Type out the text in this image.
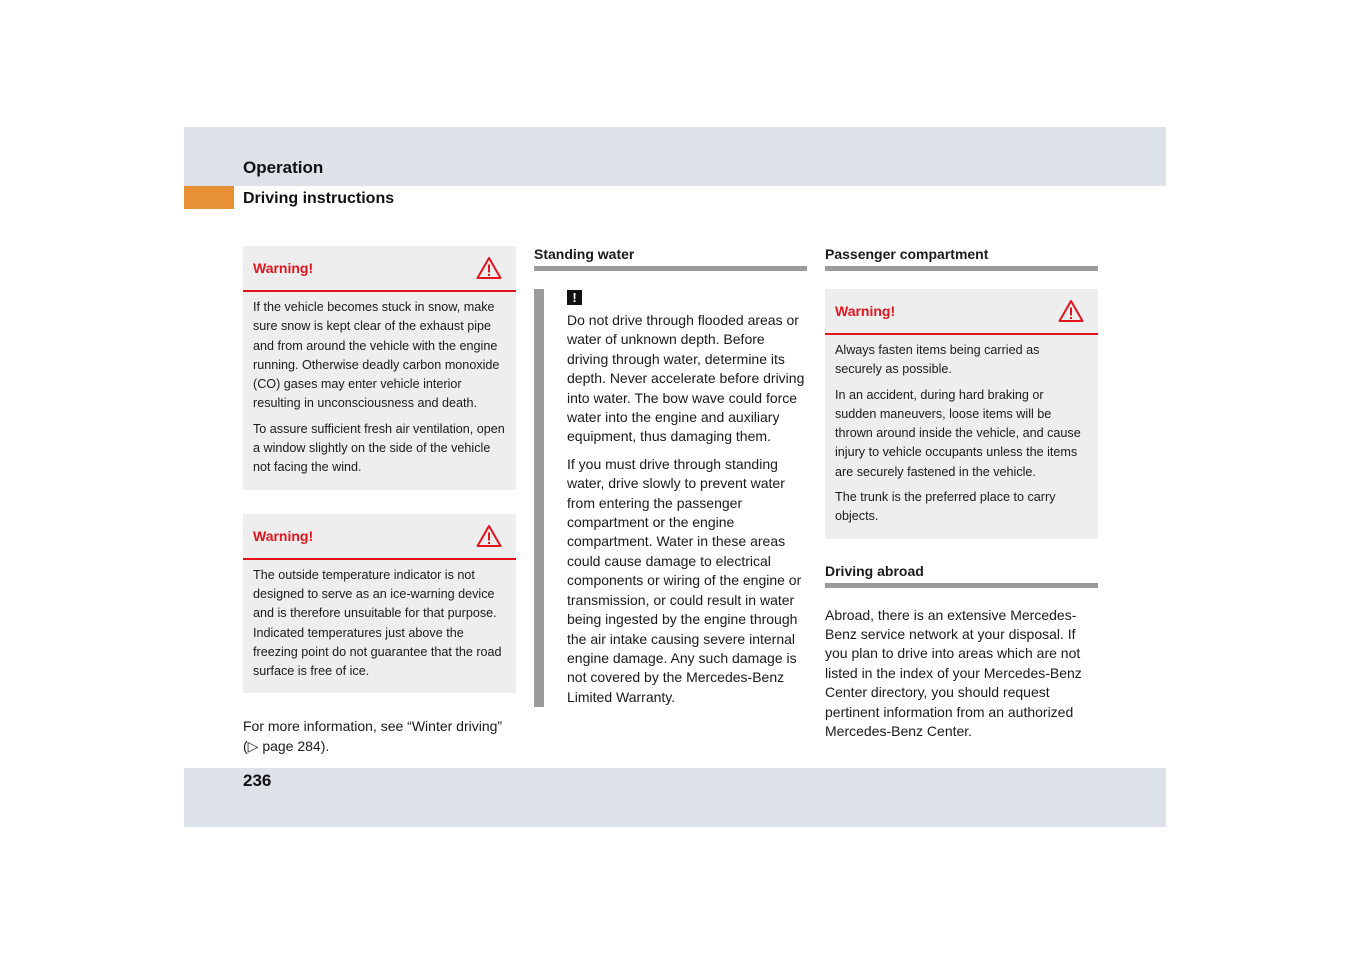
Operation
Driving instructions
Warning!

If the vehicle becomes stuck in snow, make sure snow is kept clear of the exhaust pipe and from around the vehicle with the engine running. Otherwise deadly carbon monoxide (CO) gases may enter vehicle interior resulting in unconsciousness and death.

To assure sufficient fresh air ventilation, open a window slightly on the side of the vehicle not facing the wind.

Warning!

The outside temperature indicator is not designed to serve as an ice-warning device and is therefore unsuitable for that purpose. Indicated temperatures just above the freezing point do not guarantee that the road surface is free of ice.

For more information, see “Winter driving” (▷ page 284).

Standing water
!

Do not drive through flooded areas or water of unknown depth. Before driving through water, determine its depth. Never accelerate before driving into water. The bow wave could force water into the engine and auxiliary equipment, thus damaging them.

If you must drive through standing water, drive slowly to prevent water from entering the passenger compartment or the engine compartment. Water in these areas could cause damage to electrical components or wiring of the engine or transmission, or could result in water being ingested by the engine through the air intake causing severe internal engine damage. Any such damage is not covered by the Mercedes-Benz Limited Warranty.

Passenger compartment
Warning!

Always fasten items being carried as securely as possible.

In an accident, during hard braking or sudden maneuvers, loose items will be thrown around inside the vehicle, and cause injury to vehicle occupants unless the items are securely fastened in the vehicle.

The trunk is the preferred place to carry objects.

Driving abroad

Abroad, there is an extensive Mercedes-Benz service network at your disposal. If you plan to drive into areas which are not listed in the index of your Mercedes-Benz Center directory, you should request pertinent information from an authorized Mercedes-Benz Center.

236
